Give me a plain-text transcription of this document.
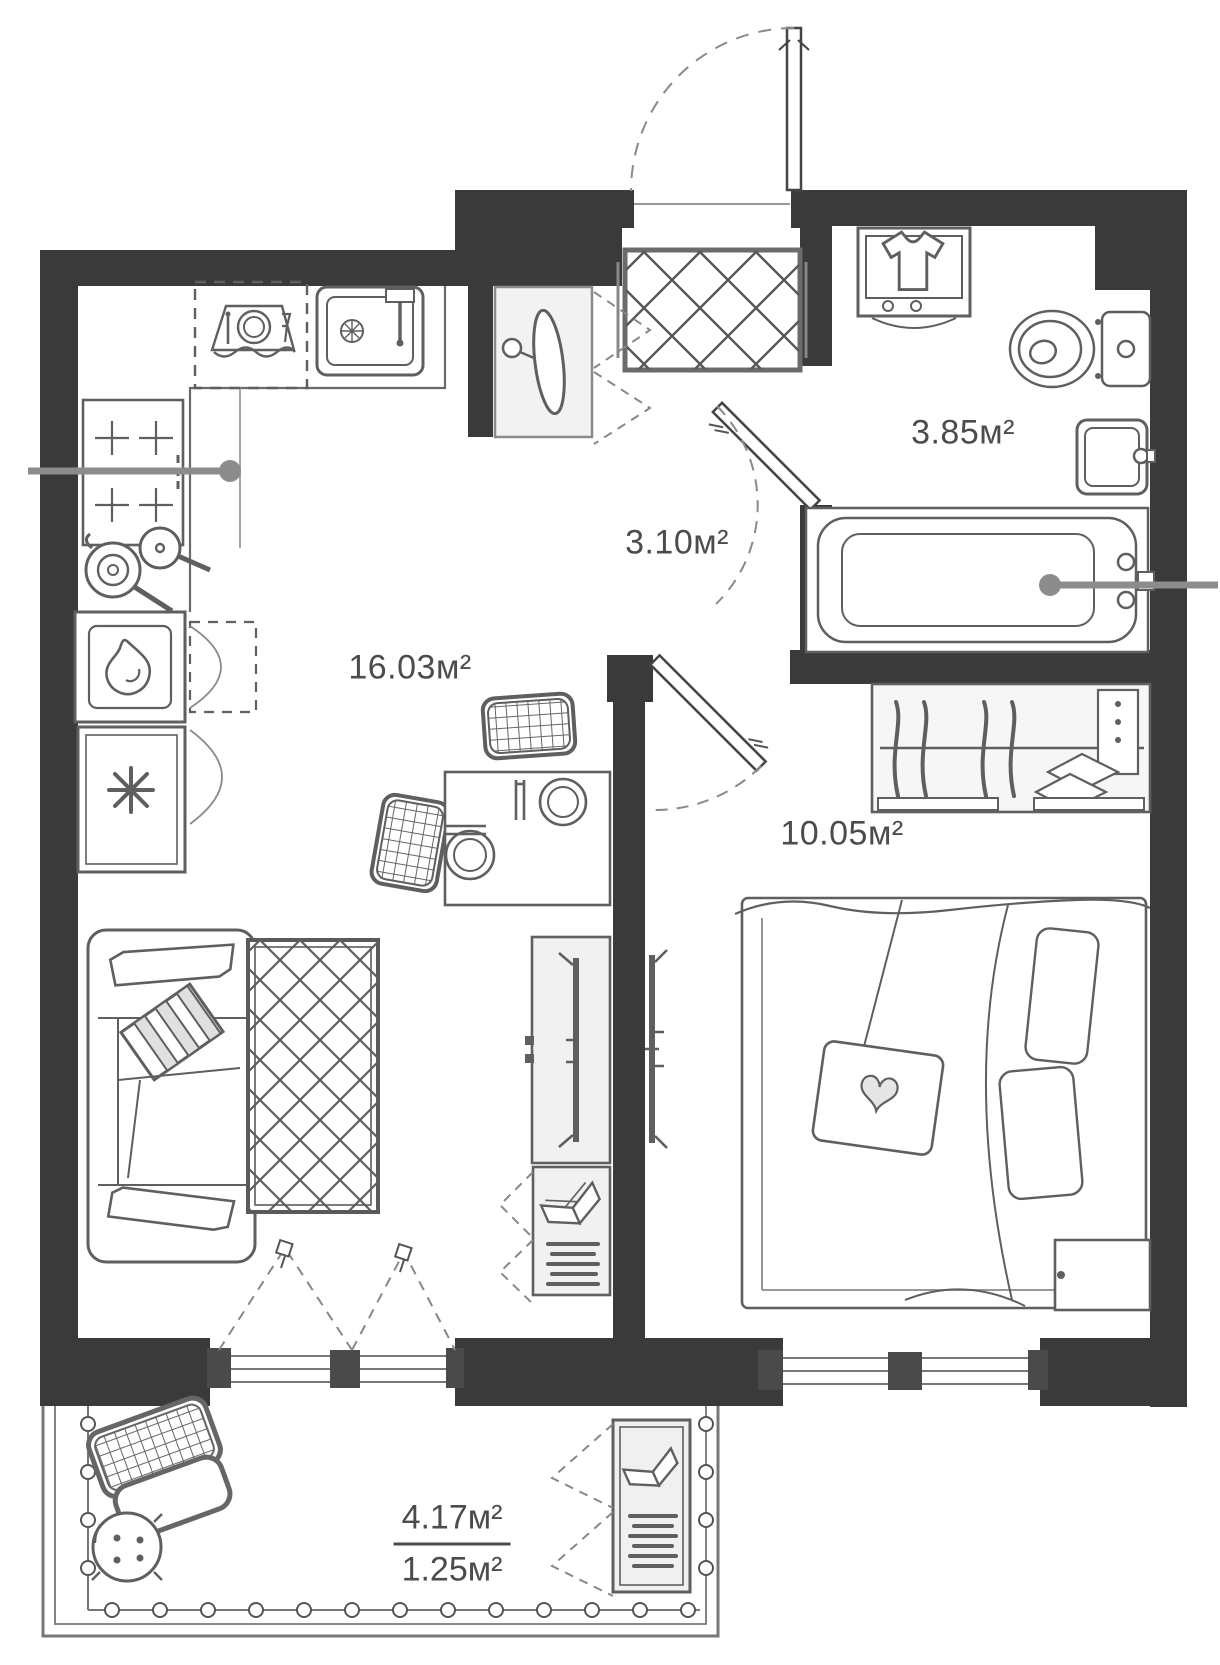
16.03м²
3.10м²
3.85м²
10.05м²
4.17м²
1.25м²
